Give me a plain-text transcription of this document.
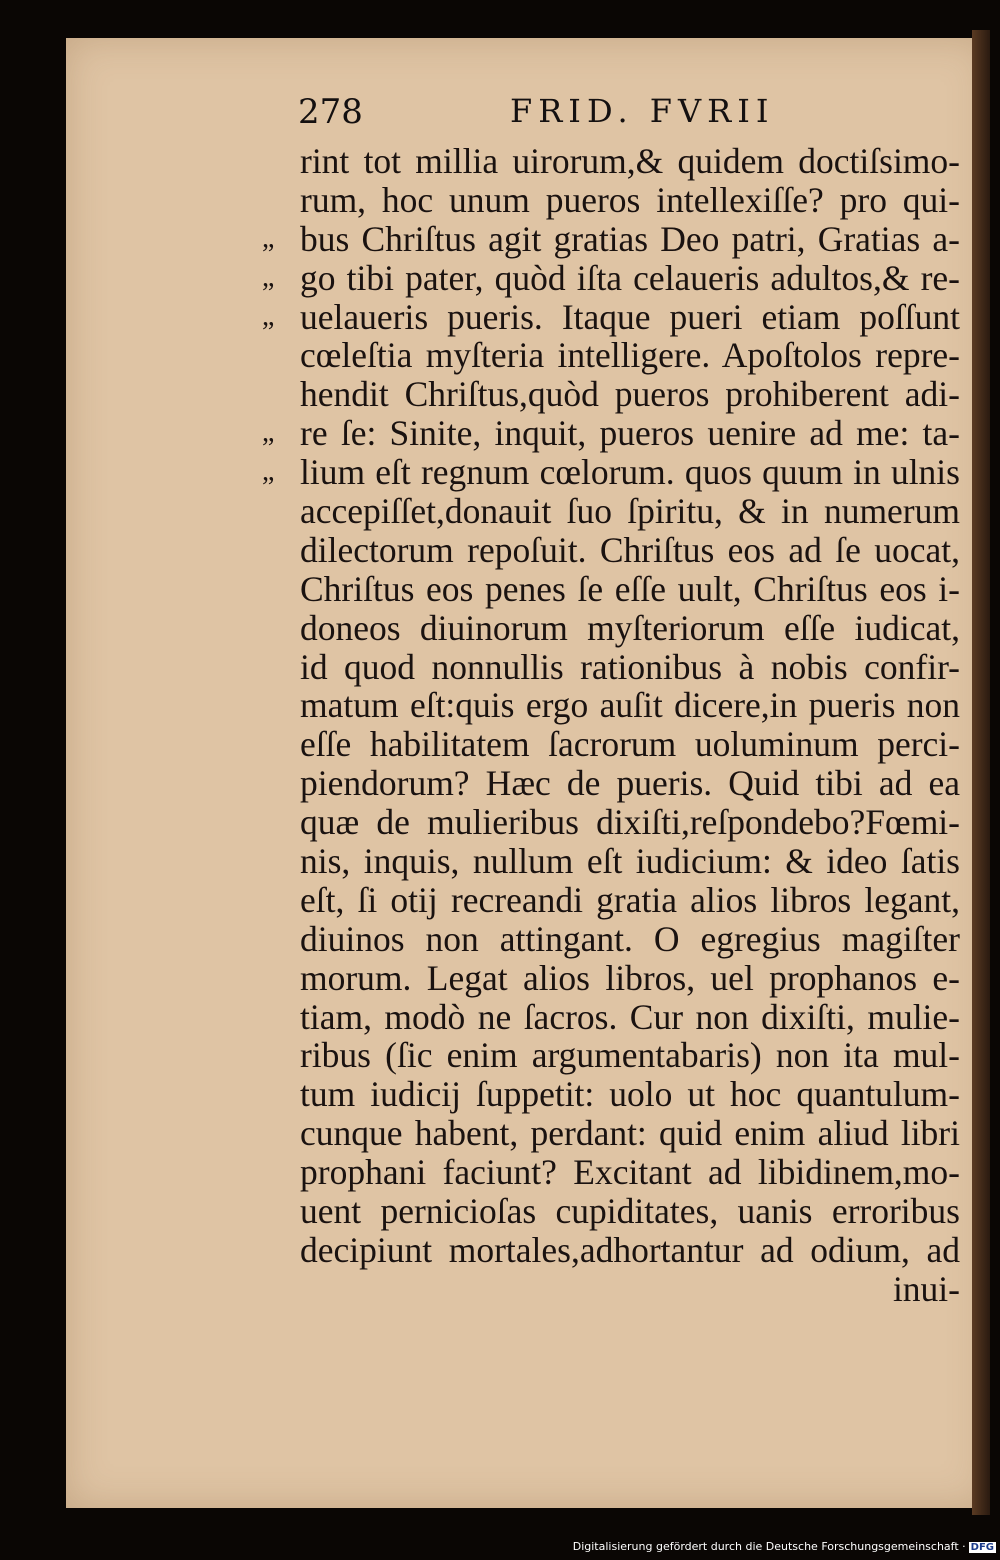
278	FRID. FVRII
„
„
„
„
„
rint tot millia uirorum,& quidem doctiſsimo-
rum, hoc unum pueros intellexiſſe? pro qui-
bus Chriſtus agit gratias Deo patri, Gratias a-
go tibi pater, quòd iſta celaueris adultos,& re-
uelaueris pueris. Itaque pueri etiam poſſunt
cœleſtia myſteria intelligere. Apoſtolos repre-
hendit Chriſtus,quòd pueros prohiberent adi-
re ſe: Sinite, inquit, pueros uenire ad me: ta-
lium eſt regnum cœlorum. quos quum in ulnis
accepiſſet,donauit ſuo ſpiritu, & in numerum
dilectorum repoſuit. Chriſtus eos ad ſe uocat,
Chriſtus eos penes ſe eſſe uult, Chriſtus eos i-
doneos diuinorum myſteriorum eſſe iudicat,
id quod nonnullis rationibus à nobis confir-
matum eſt:quis ergo auſit dicere,in pueris non
eſſe habilitatem ſacrorum uoluminum perci-
piendorum? Hæc de pueris. Quid tibi ad ea
quæ de mulieribus dixiſti,reſpondebo?Fœmi-
nis, inquis, nullum eſt iudicium: & ideo ſatis
eſt, ſi otij recreandi gratia alios libros legant,
diuinos non attingant. O egregius magiſter
morum. Legat alios libros, uel prophanos e-
tiam, modò ne ſacros. Cur non dixiſti, mulie-
ribus (ſic enim argumentabaris) non ita mul-
tum iudicij ſuppetit: uolo ut hoc quantulum-
cunque habent, perdant: quid enim aliud libri
prophani faciunt? Excitant ad libidinem,mo-
uent pernicioſas cupiditates, uanis erroribus
decipiunt mortales,adhortantur ad odium, ad
inui-
Digitalisierung gefördert durch die Deutsche Forschungsgemeinschaft · DFG
